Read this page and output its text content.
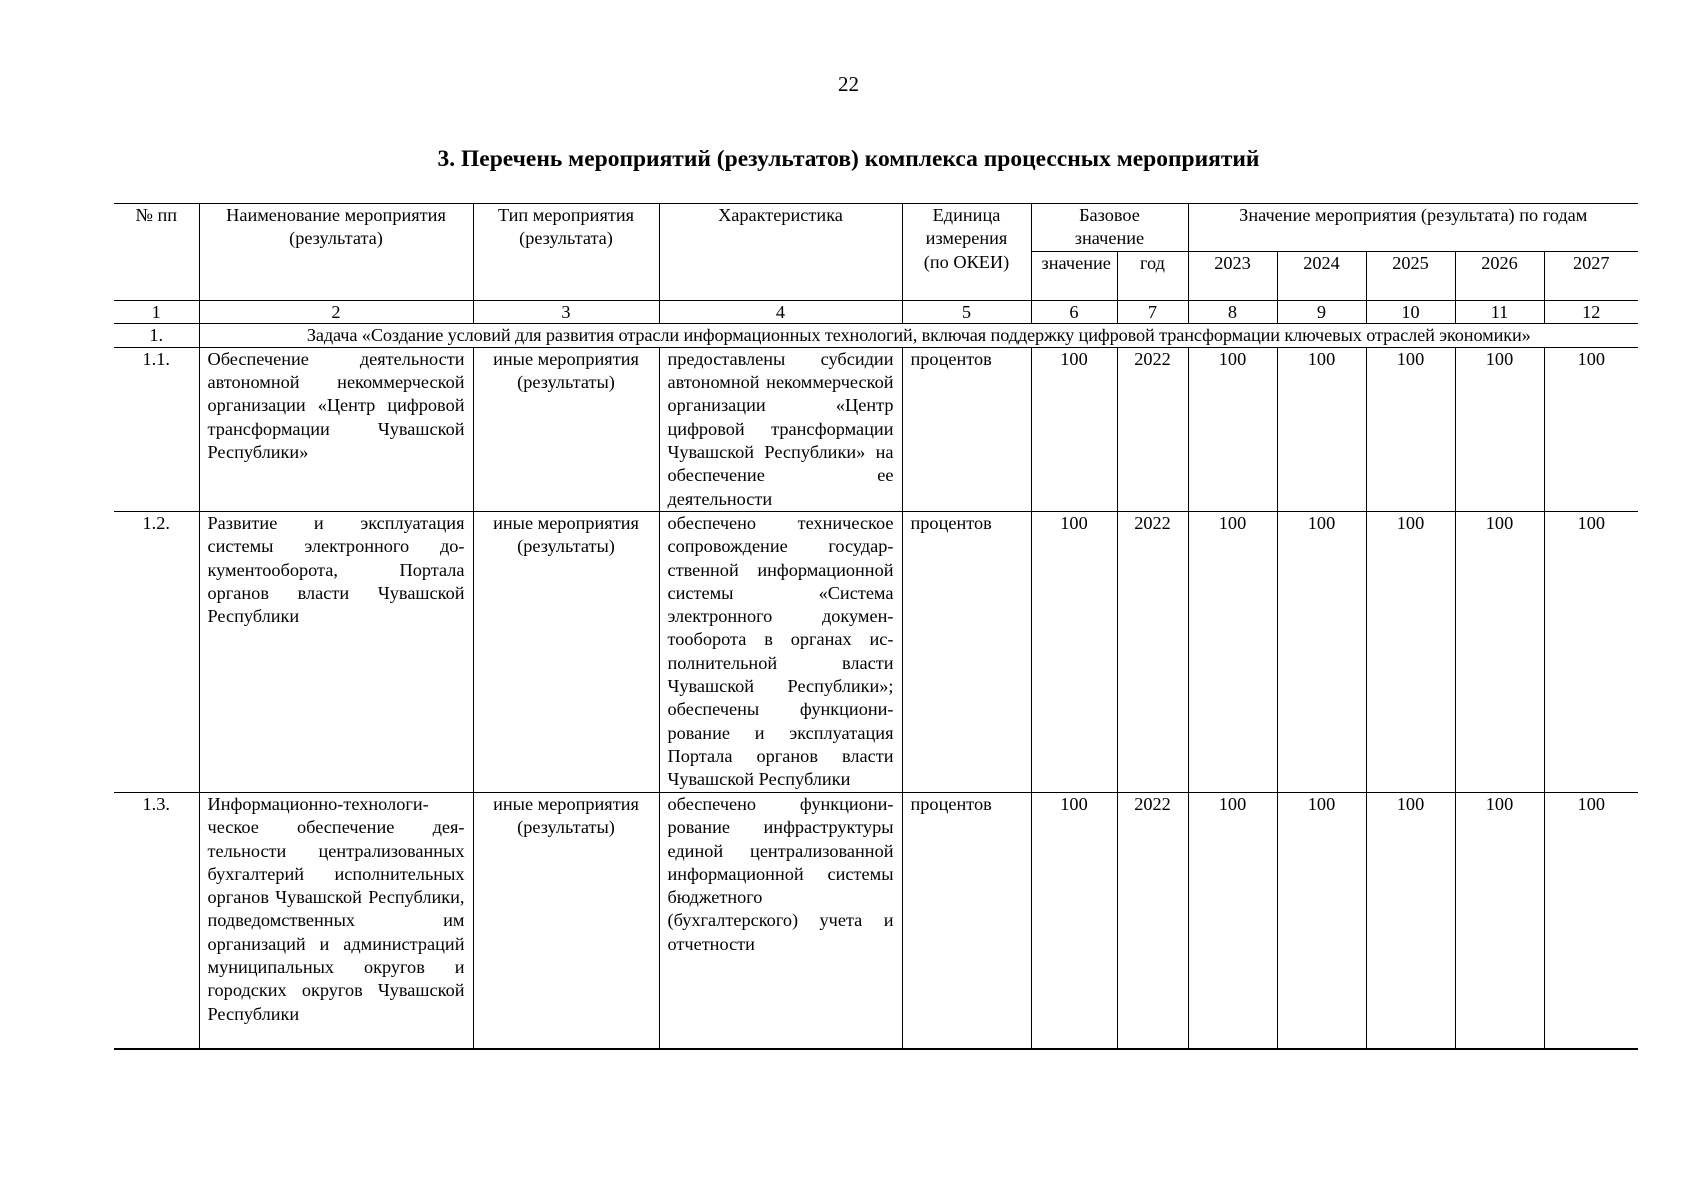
22
3. Перечень мероприятий (результатов) комплекса процессных мероприятий
№ пп	Наименование мероприятия (результата)	Тип мероприятия (результата)	Характеристика	Единица измерения (по ОКЕИ)	Базовое значение		Значение мероприятия (результата) по годам				
					значение	год	2023	2024	2025	2026	2027
1	2	3	4	5	6	7	8	9	10	11	12
1.	Задача «Создание условий для развития отрасли информационных технологий, включая поддержку цифровой трансформации ключевых отраслей экономики»										
1.1.	Обеспечение деятельности автономной некоммерческой организации «Центр цифровой трансформации Чувашской Республики»	иные мероприятия (результаты)	предоставлены субсидии автономной некоммерческой организации «Центр цифровой трансформации Чувашской Республики» на обеспечение ее деятельности	процентов	100	2022	100	100	100	100	100
1.2.	Развитие и эксплуатация системы электронного документооборота, Портала органов власти Чувашской Республики	иные мероприятия (результаты)	обеспечено техническое сопровождение государственной информационной системы «Система электронного документооборота в органах исполнительной власти Чувашской Республики»; обеспечены функционирование и эксплуатация Портала органов власти Чувашской Республики	процентов	100	2022	100	100	100	100	100
1.3.	Информационно-технологическое обеспечение деятельности централизованных бухгалтерий исполнительных органов Чувашской Республики, подведомственных им организаций и администраций муниципальных округов и городских округов Чувашской Республики	иные мероприятия (результаты)	обеспечено функционирование инфраструктуры единой централизованной информационной системы бюджетного (бухгалтерского) учета и отчетности	процентов	100	2022	100	100	100	100	100
